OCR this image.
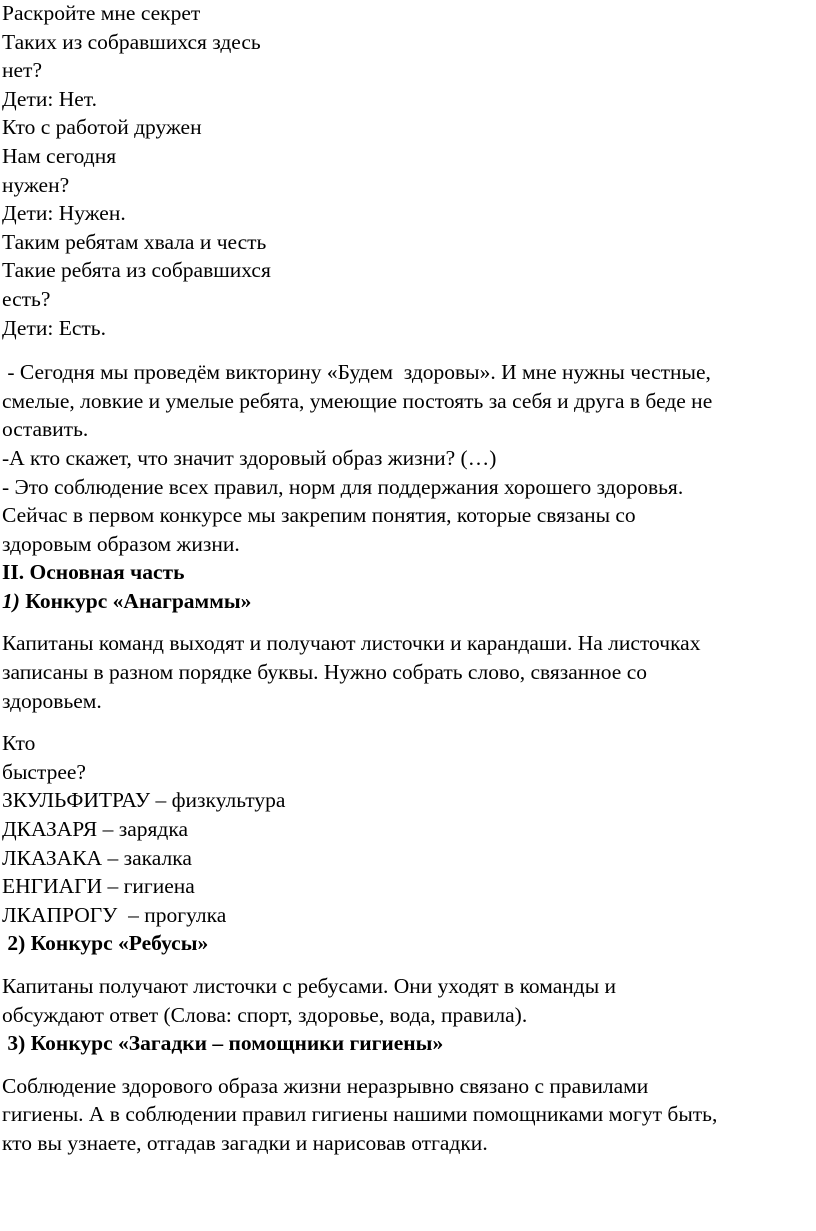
Раскройте мне секрет
Таких из собравшихся здесь
нет?
Дети: Нет.
Кто с работой дружен
Нам сегодня
нужен?
Дети: Нужен.
Таким ребятам хвала и честь
Такие ребята из собравшихся
есть?
Дети: Есть.
- Сегодня мы проведём викторину «Будем  здоровы». И мне нужны честные,
смелые, ловкие и умелые ребята, умеющие постоять за себя и друга в беде не
оставить.
-А кто скажет, что значит здоровый образ жизни? (…)
- Это соблюдение всех правил, норм для поддержания хорошего здоровья.
Сейчас в первом конкурсе мы закрепим понятия, которые связаны со
здоровым образом жизни.
II. Основная часть
1) Конкурс «Анаграммы»
Капитаны команд выходят и получают листочки и карандаши. На листочках
записаны в разном порядке буквы. Нужно собрать слово, связанное со
здоровьем.
Кто
быстрее?
ЗКУЛЬФИТРАУ – физкультура
ДКАЗАРЯ – зарядка
ЛКАЗАКА – закалка
ЕНГИАГИ – гигиена
ЛКАПРОГУ  – прогулка
2) Конкурс «Ребусы»
Капитаны получают листочки с ребусами. Они уходят в команды и
обсуждают ответ (Слова: спорт, здоровье, вода, правила).
3) Конкурс «Загадки – помощники гигиены»
Соблюдение здорового образа жизни неразрывно связано с правилами
гигиены. А в соблюдении правил гигиены нашими помощниками могут быть,
кто вы узнаете, отгадав загадки и нарисовав отгадки.
